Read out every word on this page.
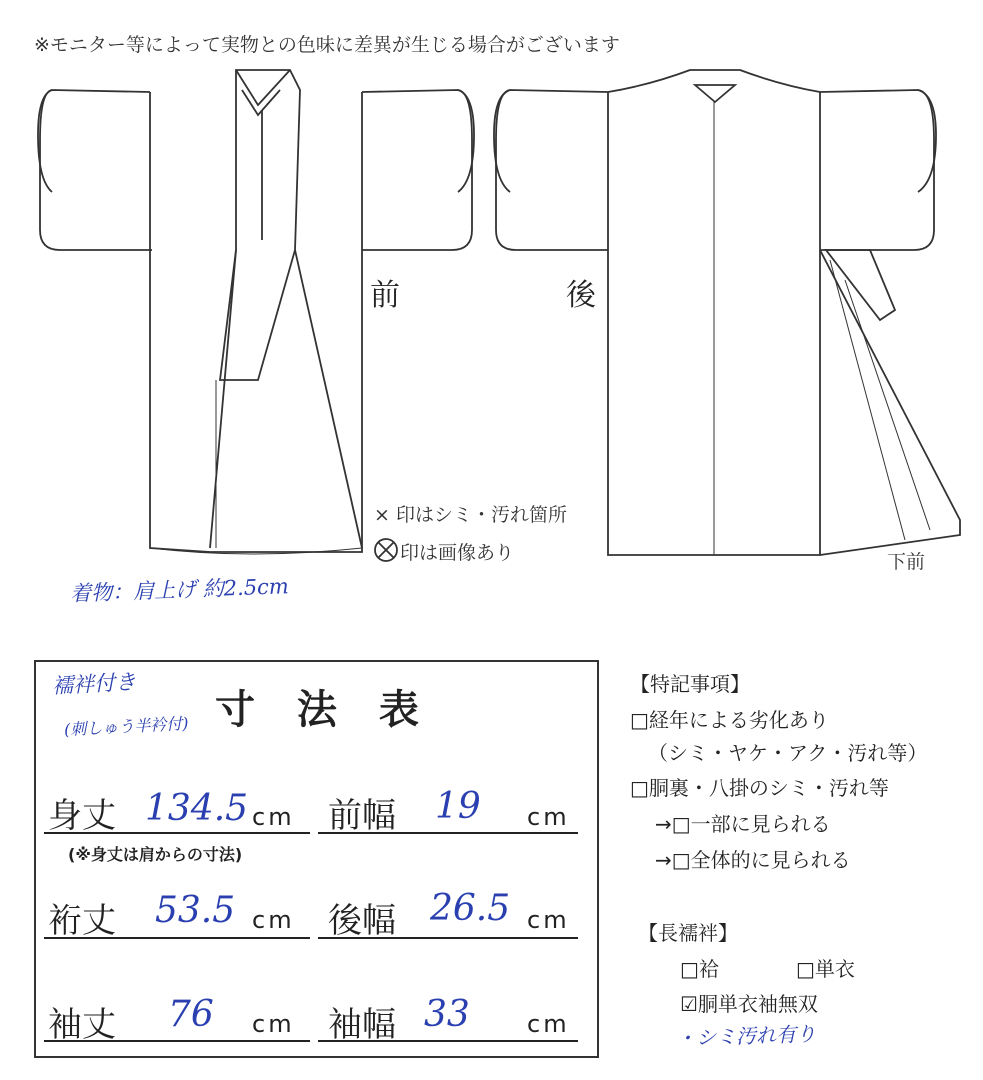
※モニター等によって実物との色味に差異が生じる場合がございます
前	後
× 印はシミ・汚れ箇所
印は画像あり	下前
着物：肩上げ 約2.5cm
襦袢付き
(刺しゅう半衿付) 寸 法 表
身丈 134.5 cm 前幅 19 cm
(※身丈は肩からの寸法)
裄丈 53.5 cm 後幅 26.5 cm
袖丈 76 cm 袖幅 33 cm
【特記事項】
□経年による劣化あり
（シミ・ヤケ・アク・汚れ等）
□胴裏・八掛のシミ・汚れ等
→□一部に見られる
→□全体的に見られる
【長襦袢】
□袷	□単衣
☑胴単衣袖無双
・シミ汚れ有り
